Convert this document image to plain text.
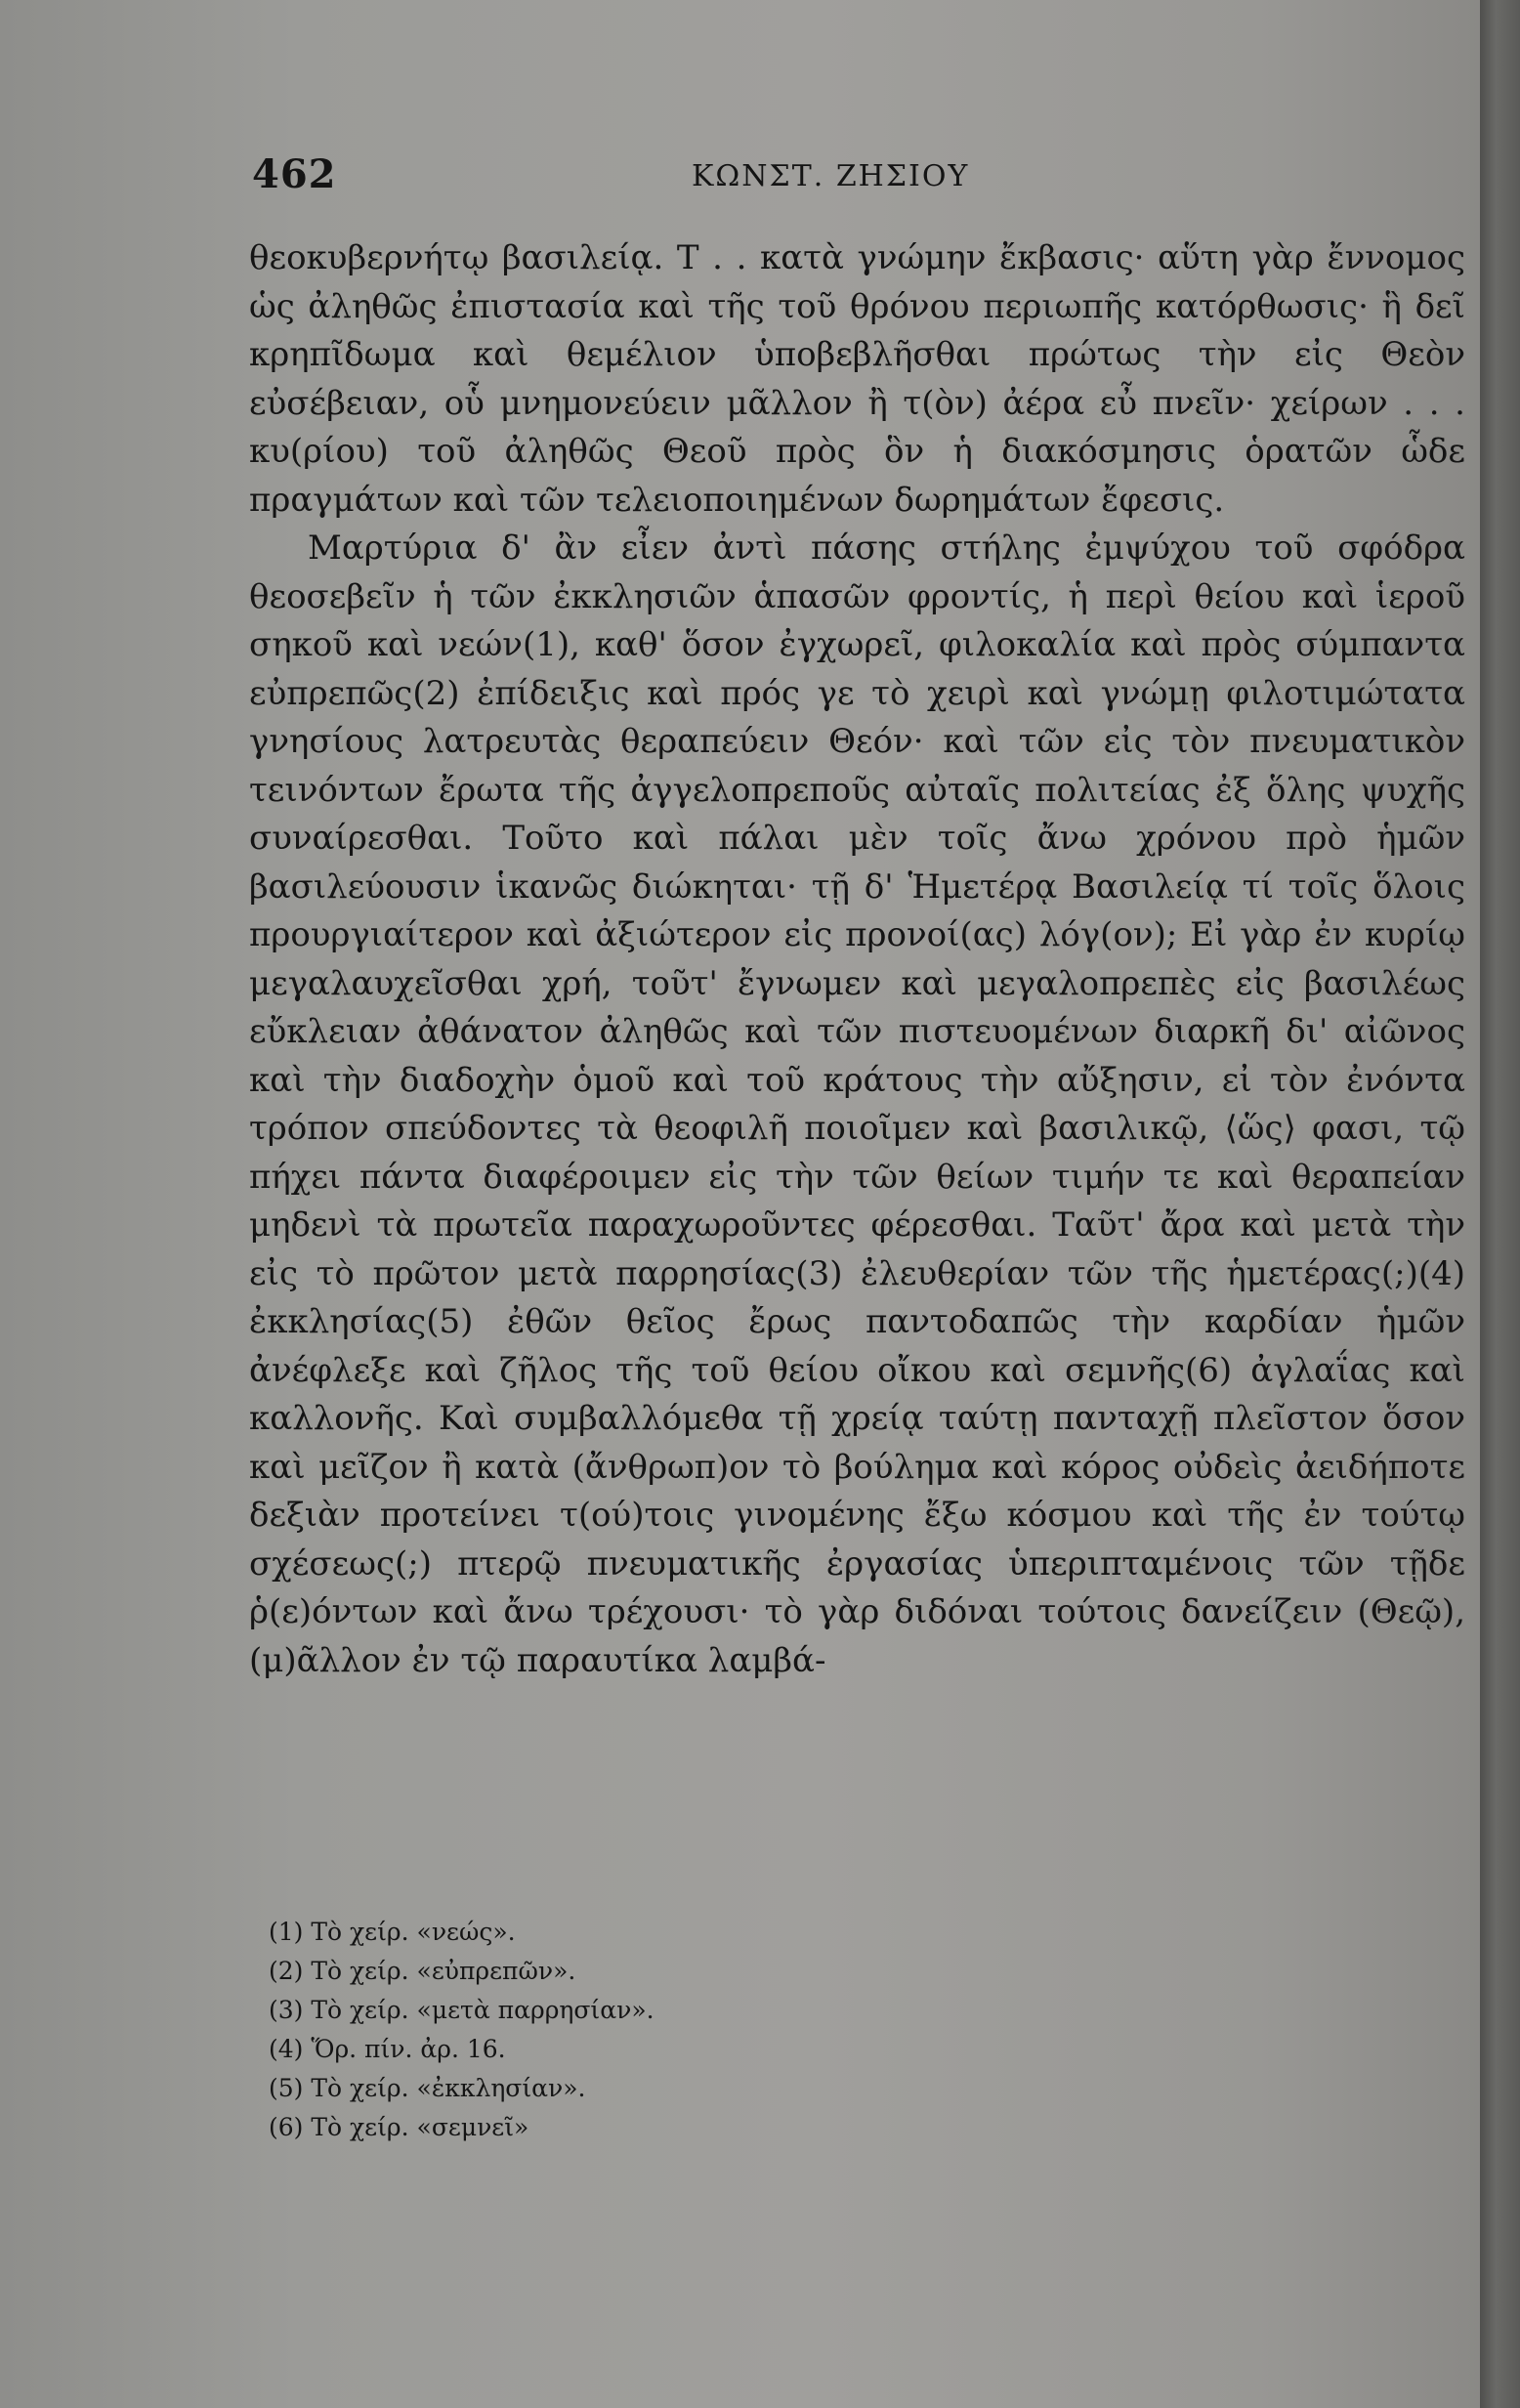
462	ΚΩΝΣΤ. ΖΗΣΙΟΥ

θεοκυβερνήτῳ βασιλείᾳ. Τ . . κατὰ γνώμην ἔκβασις· αὕτη γὰρ ἔννομος ὡς ἀληθῶς ἐπιστασία καὶ τῆς τοῦ θρόνου περιωπῆς κατόρθωσις· ἣ δεῖ κρηπῖδωμα καὶ θεμέλιον ὑποβεβλῆσθαι πρώτως τὴν εἰς Θεὸν εὐσέβειαν, οὗ μνημονεύειν μᾶλλον ἢ τ(ὸν) ἀέρα εὖ πνεῖν· χείρων . . . κυ(ρίου) τοῦ ἀληθῶς Θεοῦ πρὸς ὃν ἡ διακόσμησις ὁρατῶν ὧδε πραγμάτων καὶ τῶν τελειοποιημένων δωρημάτων ἔφεσις.

Μαρτύρια δ' ἂν εἶεν ἀντὶ πάσης στήλης ἐμψύχου τοῦ σφόδρα θεοσεβεῖν ἡ τῶν ἐκκλησιῶν ἁπασῶν φροντίς, ἡ περὶ θείου καὶ ἱεροῦ σηκοῦ καὶ νεών(1), καθ' ὅσον ἐγχωρεῖ, φιλοκαλία καὶ πρὸς σύμπαντα εὐπρεπῶς(2) ἐπίδειξις καὶ πρός γε τὸ χειρὶ καὶ γνώμῃ φιλοτιμώτατα γνησίους λατρευτὰς θεραπεύειν Θεόν· καὶ τῶν εἰς τὸν πνευματικὸν τεινόντων ἔρωτα τῆς ἀγγελοπρεποῦς αὐταῖς πολιτείας ἐξ ὅλης ψυχῆς συναίρεσθαι. Τοῦτο καὶ πάλαι μὲν τοῖς ἄνω χρόνου πρὸ ἡμῶν βασιλεύουσιν ἱκανῶς διώκηται· τῇ δ' Ἡμετέρᾳ Βασιλείᾳ τί τοῖς ὅλοις προυργιαίτερον καὶ ἀξιώτερον εἰς προνοί(ας) λόγ(ον); Εἰ γὰρ ἐν κυρίῳ μεγαλαυχεῖσθαι χρή, τοῦτ' ἔγνωμεν καὶ μεγαλοπρεπὲς εἰς βασιλέως εὔκλειαν ἀθάνατον ἀληθῶς καὶ τῶν πιστευομένων διαρκῆ δι' αἰῶνος καὶ τὴν διαδοχὴν ὁμοῦ καὶ τοῦ κράτους τὴν αὔξησιν, εἰ τὸν ἐνόντα τρόπον σπεύδοντες τὰ θεοφιλῆ ποιοῖμεν καὶ βασιλικῷ, ⟨ὥς⟩ φασι, τῷ πήχει πάντα διαφέροιμεν εἰς τὴν τῶν θείων τιμήν τε καὶ θεραπείαν μηδενὶ τὰ πρωτεῖα παραχωροῦντες φέρεσθαι. Ταῦτ' ἄρα καὶ μετὰ τὴν εἰς τὸ πρῶτον μετὰ παρρησίας(3) ἐλευθερίαν τῶν τῆς ἡμετέρας(;)(4) ἐκκλησίας(5) ἐθῶν θεῖος ἔρως παντοδαπῶς τὴν καρδίαν ἡμῶν ἀνέφλεξε καὶ ζῆλος τῆς τοῦ θείου οἴκου καὶ σεμνῆς(6) ἀγλαΐας καὶ καλλονῆς. Καὶ συμβαλλόμεθα τῇ χρείᾳ ταύτῃ πανταχῇ πλεῖστον ὅσον καὶ μεῖζον ἢ κατὰ (ἄνθρωπ)ον τὸ βούλημα καὶ κόρος οὐδεὶς ἀειδήποτε δεξιὰν προτείνει τ(ού)τοις γινομένης ἔξω κόσμου καὶ τῆς ἐν τούτῳ σχέσεως(;) πτερῷ πνευματικῆς ἐργασίας ὑπεριπταμένοις τῶν τῇδε ῥ(ε)όντων καὶ ἄνω τρέχουσι· τὸ γὰρ διδόναι τούτοις δανείζειν (Θεῷ), (μ)ᾶλλον ἐν τῷ παραυτίκα λαμβά-

(1) Τὸ χείρ. «νεώς».

(2) Τὸ χείρ. «εὐπρεπῶν».

(3) Τὸ χείρ. «μετὰ παρρησίαν».

(4) Ὅρ. πίν. ἀρ. 16.

(5) Τὸ χείρ. «ἐκκλησίαν».

(6) Τὸ χείρ. «σεμνεῖ»
